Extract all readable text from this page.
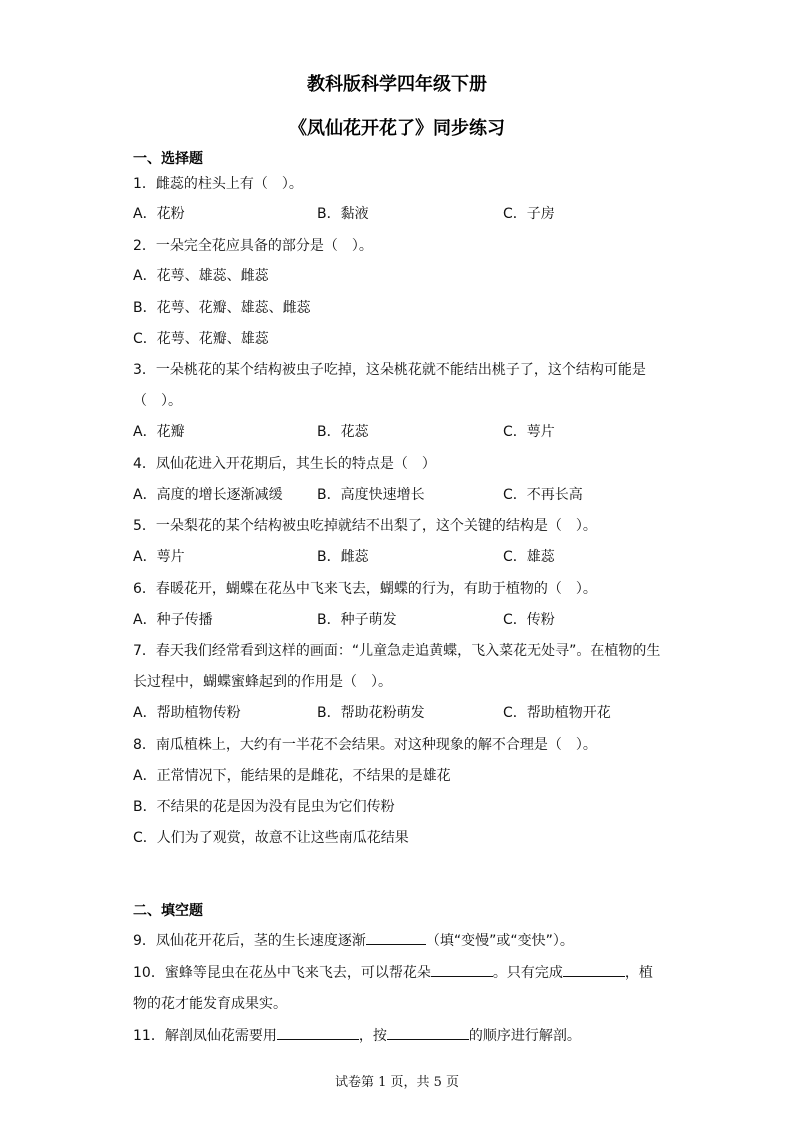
教科版科学四年级下册
《凤仙花开花了》同步练习
一、选择题
1．雌蕊的柱头上有（　）。
A．花粉	B．黏液	C．子房
2．一朵完全花应具备的部分是（　）。
A．花萼、雄蕊、雌蕊
B．花萼、花瓣、雄蕊、雌蕊
C．花萼、花瓣、雄蕊
3．一朵桃花的某个结构被虫子吃掉，这朵桃花就不能结出桃子了，这个结构可能是
（　）。
A．花瓣	B．花蕊	C．萼片
4．凤仙花进入开花期后，其生长的特点是（　）
A．高度的增长逐渐减缓 B．高度快速增长	C．不再长高
5．一朵梨花的某个结构被虫吃掉就结不出梨了，这个关键的结构是（　）。
A．萼片	B．雌蕊	C．雄蕊
6．春暖花开，蝴蝶在花丛中飞来飞去，蝴蝶的行为，有助于植物的（　）。
A．种子传播	B．种子萌发	C．传粉
7．春天我们经常看到这样的画面：“儿童急走追黄蝶，飞入菜花无处寻”。在植物的生
长过程中，蝴蝶蜜蜂起到的作用是（　）。
A．帮助植物传粉	B．帮助花粉萌发	C．帮助植物开花
8．南瓜植株上，大约有一半花不会结果。对这种现象的解不合理是（　）。
A．正常情况下，能结果的是雌花，不结果的是雄花
B．不结果的花是因为没有昆虫为它们传粉
C．人们为了观赏，故意不让这些南瓜花结果
二、填空题
9．凤仙花开花后，茎的生长速度逐渐	（填“变慢”或“变快”）。
10．蜜蜂等昆虫在花丛中飞来飞去，可以帮花朵	。只有完成	，植
物的花才能发育成果实。
11．解剖凤仙花需要用	，按	的顺序进行解剖。
试卷第 1 页，共 5 页
